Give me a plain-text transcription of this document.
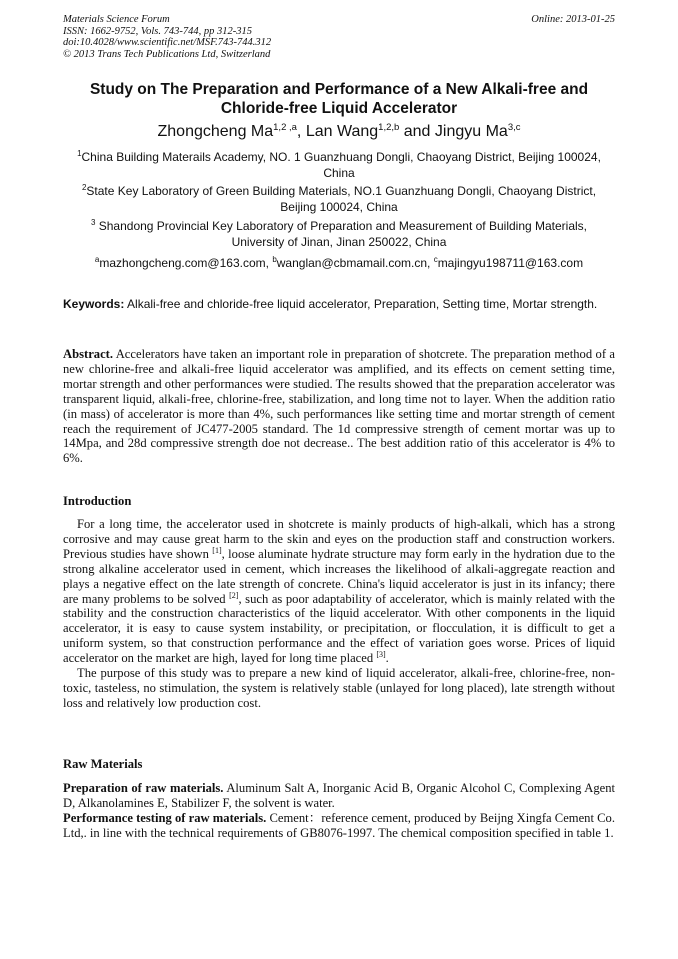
Materials Science Forum
ISSN: 1662-9752, Vols. 743-744, pp 312-315
doi:10.4028/www.scientific.net/MSF.743-744.312
© 2013 Trans Tech Publications Ltd, Switzerland
Online: 2013-01-25
Study on The Preparation and Performance of a New Alkali-free and Chloride-free Liquid Accelerator
Zhongcheng Ma$^{1,2 ,a}$, Lan Wang$^{1,2,b}$ and Jingyu Ma$^{3,c}$
$^1$China Building Materails Academy, NO. 1 Guanzhuang Dongli, Chaoyang District, Beijing 100024, China
$^2$State Key Laboratory of Green Building Materials, NO.1 Guanzhuang Dongli, Chaoyang District, Beijing 100024, China
$^3$ Shandong Provincial Key Laboratory of Preparation and Measurement of Building Materials, University of Jinan, Jinan 250022, China
$^a$mazhongcheng.com@163.com, $^b$wanglan@cbmamail.com.cn, $^c$majingyu198711@163.com
Keywords: Alkali-free and chloride-free liquid accelerator, Preparation, Setting time, Mortar strength.
Abstract. Accelerators have taken an important role in preparation of shotcrete. The preparation method of a new chlorine-free and alkali-free liquid accelerator was amplified, and its effects on cement setting time, mortar strength and other performances were studied. The results showed that the preparation accelerator was transparent liquid, alkali-free, chlorine-free, stabilization, and long time not to layer. When the addition ratio (in mass) of accelerator is more than 4%, such performances like setting time and mortar strength of cement reach the requirement of JC477-2005 standard. The 1d compressive strength of cement mortar was up to 14Mpa, and 28d compressive strength doe not decrease.. The best addition ratio of this accelerator is 4% to 6%.
Introduction

For a long time, the accelerator used in shotcrete is mainly products of high-alkali, which has a strong corrosive and may cause great harm to the skin and eyes on the production staff and construction workers. Previous studies have shown [1], loose aluminate hydrate structure may form early in the hydration due to the strong alkaline accelerator used in cement, which increases the likelihood of alkali-aggregate reaction and plays a negative effect on the late strength of concrete. China's liquid accelerator is just in its infancy; there are many problems to be solved [2], such as poor adaptability of accelerator, which is mainly related with the stability and the construction characteristics of the liquid accelerator. With other components in the liquid accelerator, it is easy to cause system instability, or precipitation, or flocculation, it is difficult to get a uniform system, so that construction performance and the effect of variation goes worse. Prices of liquid accelerator on the market are high, layed for long time placed [3].

The purpose of this study was to prepare a new kind of liquid accelerator, alkali-free, chlorine-free, non-toxic, tasteless, no stimulation, the system is relatively stable (unlayed for long placed), late strength without loss and relatively low production cost.

Raw Materials

Preparation of raw materials. Aluminum Salt A, Inorganic Acid B, Organic Alcohol C, Complexing Agent D, Alkanolamines E, Stabilizer F, the solvent is water.

Performance testing of raw materials. Cement：reference cement, produced by Beijng Xingfa Cement Co. Ltd,. in line with the technical requirements of GB8076-1997. The chemical composition specified in table 1.
